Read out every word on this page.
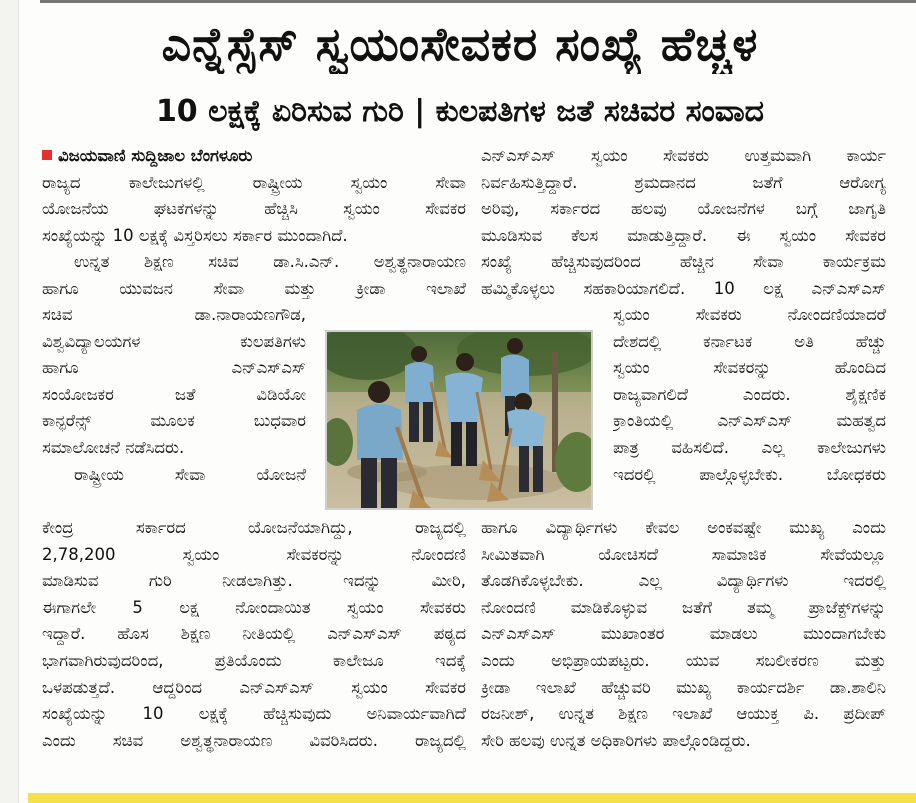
ಎನ್ನೆಸ್ಸೆಸ್ ಸ್ವಯಂಸೇವಕರ ಸಂಖ್ಯೆ ಹೆಚ್ಚಳ
10 ಲಕ್ಷಕ್ಕೆ ಏರಿಸುವ ಗುರಿ | ಕುಲಪತಿಗಳ ಜತೆ ಸಚಿವರ ಸಂವಾದ

ವಿಜಯವಾಣಿ ಸುದ್ದಿಜಾಲ ಬೆಂಗಳೂರು

ರಾಜ್ಯದ ಕಾಲೇಜುಗಳಲ್ಲಿ ರಾಷ್ಟ್ರೀಯ ಸ್ವಯಂ ಸೇವಾ

ಯೋಜನೆಯ ಘಟಕಗಳನ್ನು ಹೆಚ್ಚಿಸಿ ಸ್ವಯಂ ಸೇವಕರ

ಸಂಖ್ಯೆಯನ್ನು 10 ಲಕ್ಷಕ್ಕೆ ವಿಸ್ತರಿಸಲು ಸರ್ಕಾರ ಮುಂದಾಗಿದೆ.

ಉನ್ನತ ಶಿಕ್ಷಣ ಸಚಿವ ಡಾ.ಸಿ.ಎನ್. ಅಶ್ವತ್ಥನಾರಾಯಣ

ಹಾಗೂ ಯುವಜನ ಸೇವಾ ಮತ್ತು ಕ್ರೀಡಾ ಇಲಾಖೆ

ಸಚಿವ ಡಾ.ನಾರಾಯಣಗೌಡ,

ವಿಶ್ವವಿದ್ಯಾಲಯಗಳ ಕುಲಪತಿಗಳು

ಹಾಗೂ ಎನ್‌ಎಸ್‌ಎಸ್

ಸಂಯೋಜಕರ ಜತೆ ವಿಡಿಯೋ

ಕಾನ್ಫರೆನ್ಸ್ ಮೂಲಕ ಬುಧವಾರ

ಸಮಾಲೋಚನೆ ನಡೆಸಿದರು.

ರಾಷ್ಟ್ರೀಯ ಸೇವಾ ಯೋಜನೆ

ಕೇಂದ್ರ ಸರ್ಕಾರದ ಯೋಜನೆಯಾಗಿದ್ದು, ರಾಜ್ಯದಲ್ಲಿ

2,78,200 ಸ್ವಯಂ ಸೇವಕರನ್ನು ನೋಂದಣಿ

ಮಾಡಿಸುವ ಗುರಿ ನೀಡಲಾಗಿತ್ತು. ಇದನ್ನು ಮೀರಿ,

ಈಗಾಗಲೇ 5 ಲಕ್ಷ ನೋಂದಾಯಿತ ಸ್ವಯಂ ಸೇವಕರು

ಇದ್ದಾರೆ. ಹೊಸ ಶಿಕ್ಷಣ ನೀತಿಯಲ್ಲಿ ಎನ್‌ಎಸ್‌ಎಸ್ ಪಠ್ಯದ

ಭಾಗವಾಗಿರುವುದರಿಂದ, ಪ್ರತಿಯೊಂದು ಕಾಲೇಜೂ ಇದಕ್ಕೆ

ಒಳಪಡುತ್ತದೆ. ಆದ್ದರಿಂದ ಎನ್‌ಎಸ್‌ಎಸ್ ಸ್ವಯಂ ಸೇವಕರ

ಸಂಖ್ಯೆಯನ್ನು 10 ಲಕ್ಷಕ್ಕೆ ಹೆಚ್ಚಿಸುವುದು ಅನಿವಾರ್ಯವಾಗಿದೆ

ಎಂದು ಸಚಿವ ಅಶ್ವತ್ಥನಾರಾಯಣ ವಿವರಿಸಿದರು. ರಾಜ್ಯದಲ್ಲಿ

ಎನ್‌ಎಸ್‌ಎಸ್ ಸ್ವಯಂ ಸೇವಕರು ಉತ್ತಮವಾಗಿ ಕಾರ್ಯ

ನಿರ್ವಹಿಸುತ್ತಿದ್ದಾರೆ. ಶ್ರಮದಾನದ ಜತೆಗೆ ಆರೋಗ್ಯ

ಅರಿವು, ಸರ್ಕಾರದ ಹಲವು ಯೋಜನೆಗಳ ಬಗ್ಗೆ ಜಾಗೃತಿ

ಮೂಡಿಸುವ ಕೆಲಸ ಮಾಡುತ್ತಿದ್ದಾರೆ. ಈ ಸ್ವಯಂ ಸೇವಕರ

ಸಂಖ್ಯೆ ಹೆಚ್ಚಿಸುವುದರಿಂದ ಹೆಚ್ಚಿನ ಸೇವಾ ಕಾರ್ಯಕ್ರಮ

ಹಮ್ಮಿಕೊಳ್ಳಲು ಸಹಕಾರಿಯಾಗಲಿದೆ. 10 ಲಕ್ಷ ಎನ್‌ಎಸ್‌ಎಸ್

ಸ್ವಯಂ ಸೇವಕರು ನೋಂದಣಿಯಾದರೆ

ದೇಶದಲ್ಲಿ ಕರ್ನಾಟಕ ಅತಿ ಹೆಚ್ಚು

ಸ್ವಯಂ ಸೇವಕರನ್ನು ಹೊಂದಿದ

ರಾಜ್ಯವಾಗಲಿದೆ ಎಂದರು. ಶೈಕ್ಷಣಿಕ

ಕ್ರಾಂತಿಯಲ್ಲಿ ಎನ್‌ಎಸ್‌ಎಸ್ ಮಹತ್ವದ

ಪಾತ್ರ ವಹಿಸಲಿದೆ. ಎಲ್ಲ ಕಾಲೇಜುಗಳು

ಇದರಲ್ಲಿ ಪಾಲ್ಗೊಳ್ಳಬೇಕು. ಬೋಧಕರು

ಹಾಗೂ ವಿದ್ಯಾರ್ಥಿಗಳು ಕೇವಲ ಅಂಕವಷ್ಟೇ ಮುಖ್ಯ ಎಂದು

ಸೀಮಿತವಾಗಿ ಯೋಚಿಸದೆ ಸಾಮಾಜಿಕ ಸೇವೆಯಲ್ಲೂ

ತೊಡಗಿಕೊಳ್ಳಬೇಕು. ಎಲ್ಲ ವಿದ್ಯಾರ್ಥಿಗಳು ಇದರಲ್ಲಿ

ನೋಂದಣಿ ಮಾಡಿಕೊಳ್ಳುವ ಜತೆಗೆ ತಮ್ಮ ಪ್ರಾಜೆಕ್ಟ್‌ಗಳನ್ನು

ಎನ್‌ಎಸ್‌ಎಸ್ ಮುಖಾಂತರ ಮಾಡಲು ಮುಂದಾಗಬೇಕು

ಎಂದು ಅಭಿಪ್ರಾಯಪಟ್ಟರು. ಯುವ ಸಬಲೀಕರಣ ಮತ್ತು

ಕ್ರೀಡಾ ಇಲಾಖೆ ಹೆಚ್ಚುವರಿ ಮುಖ್ಯ ಕಾರ್ಯದರ್ಶಿ ಡಾ.ಶಾಲಿನಿ

ರಜನೀಶ್, ಉನ್ನತ ಶಿಕ್ಷಣ ಇಲಾಖೆ ಆಯುಕ್ತ ಪಿ. ಪ್ರದೀಪ್

ಸೇರಿ ಹಲವು ಉನ್ನತ ಅಧಿಕಾರಿಗಳು ಪಾಲ್ಗೊಂಡಿದ್ದರು.
